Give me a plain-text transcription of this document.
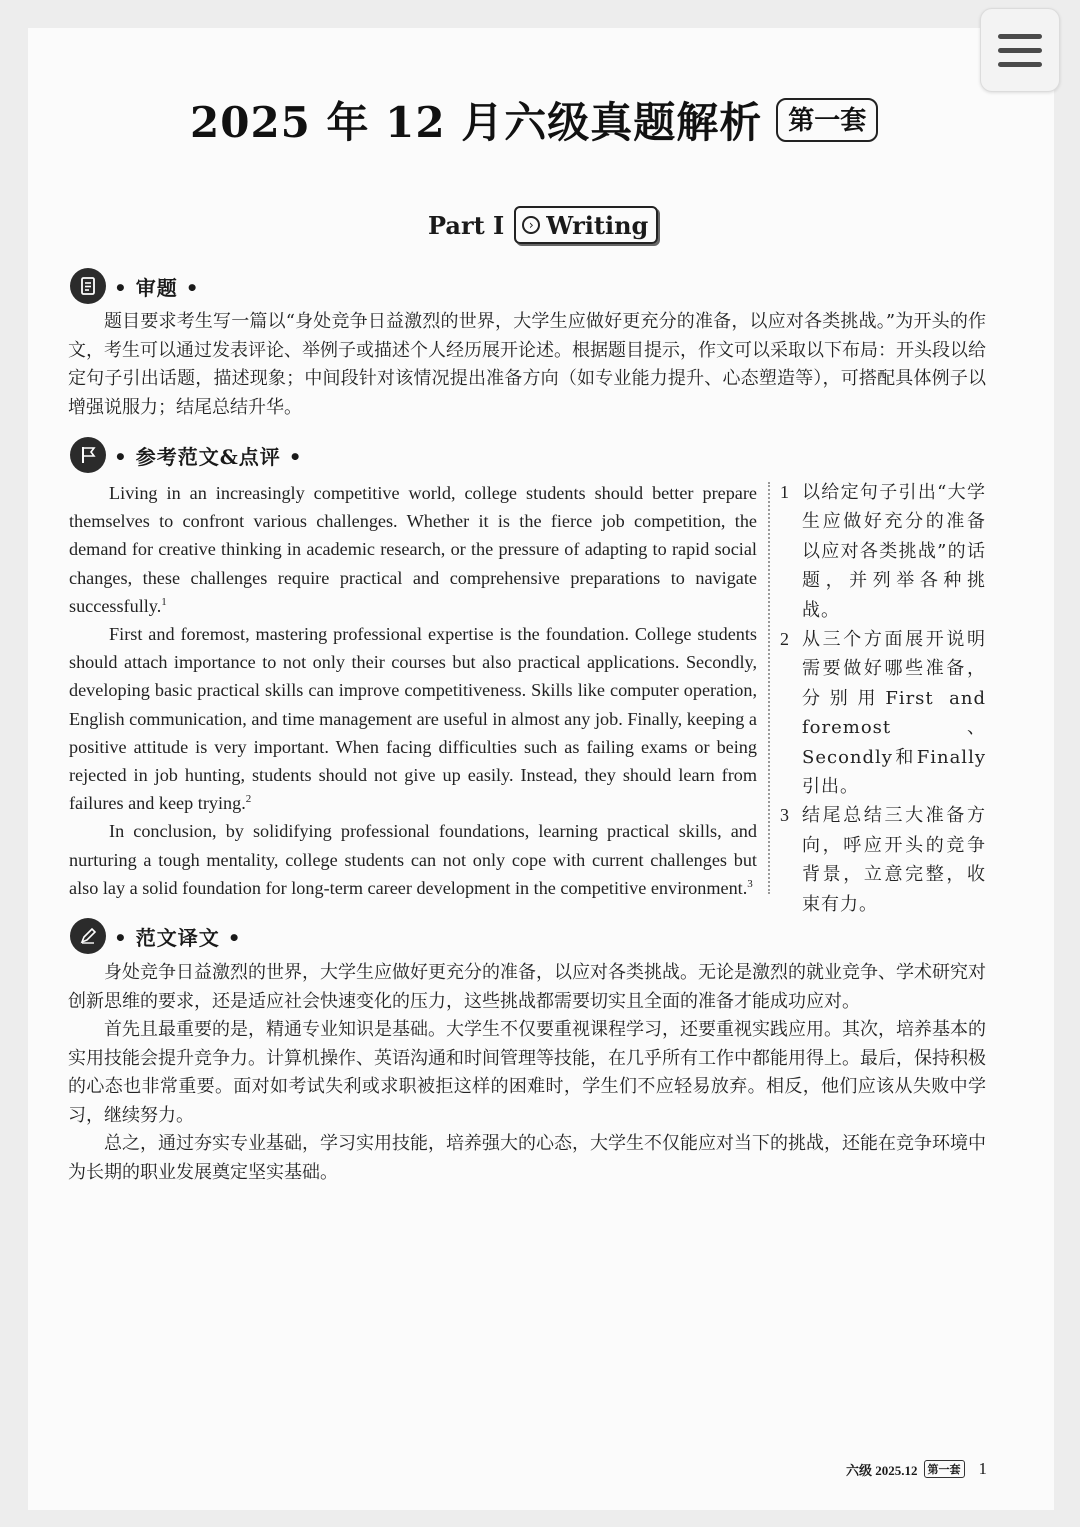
2025 年 12 月六级真题解析	第一套
Part I	› Writing
• 审题 •

题目要求考生写一篇以“身处竞争日益激烈的世界，大学生应做好更充分的准备，以应对各类挑战。”为开头的作文，考生可以通过发表评论、举例子或描述个人经历展开论述。根据题目提示，作文可以采取以下布局：开头段以给定句子引出话题，描述现象；中间段针对该情况提出准备方向（如专业能力提升、心态塑造等），可搭配具体例子以增强说服力；结尾总结升华。

• 参考范文&点评 •

Living in an increasingly competitive world, college students should better prepare themselves to confront various challenges. Whether it is the fierce job competition, the demand for creative thinking in academic research, or the pressure of adapting to rapid social changes, these challenges require practical and comprehensive preparations to navigate successfully.$^1$

First and foremost, mastering professional expertise is the foundation. College students should attach importance to not only their courses but also practical applications. Secondly, developing basic practical skills can improve competitiveness. Skills like computer operation, English communication, and time management are useful in almost any job. Finally, keeping a positive attitude is very important. When facing difficulties such as failing exams or being rejected in job hunting, students should not give up easily. Instead, they should learn from failures and keep trying.$^2$

In conclusion, by solidifying professional foundations, learning practical skills, and nurturing a tough mentality, college students can not only cope with current challenges but also lay a solid foundation for long-term career development in the competitive environment.$^3$

1 以给定句子引出“大学生应做好充分的准备以应对各类挑战”的话题，并列举各种挑战。
2 从三个方面展开说明需要做好哪些准备，分别用First and foremost、Secondly和Finally引出。
3 结尾总结三大准备方向，呼应开头的竞争背景，立意完整，收束有力。
• 范文译文 •

身处竞争日益激烈的世界，大学生应做好更充分的准备，以应对各类挑战。无论是激烈的就业竞争、学术研究对创新思维的要求，还是适应社会快速变化的压力，这些挑战都需要切实且全面的准备才能成功应对。

首先且最重要的是，精通专业知识是基础。大学生不仅要重视课程学习，还要重视实践应用。其次，培养基本的实用技能会提升竞争力。计算机操作、英语沟通和时间管理等技能，在几乎所有工作中都能用得上。最后，保持积极的心态也非常重要。面对如考试失利或求职被拒这样的困难时，学生们不应轻易放弃。相反，他们应该从失败中学习，继续努力。

总之，通过夯实专业基础，学习实用技能，培养强大的心态，大学生不仅能应对当下的挑战，还能在竞争环境中为长期的职业发展奠定坚实基础。

六级 2025.12 第一套 1
